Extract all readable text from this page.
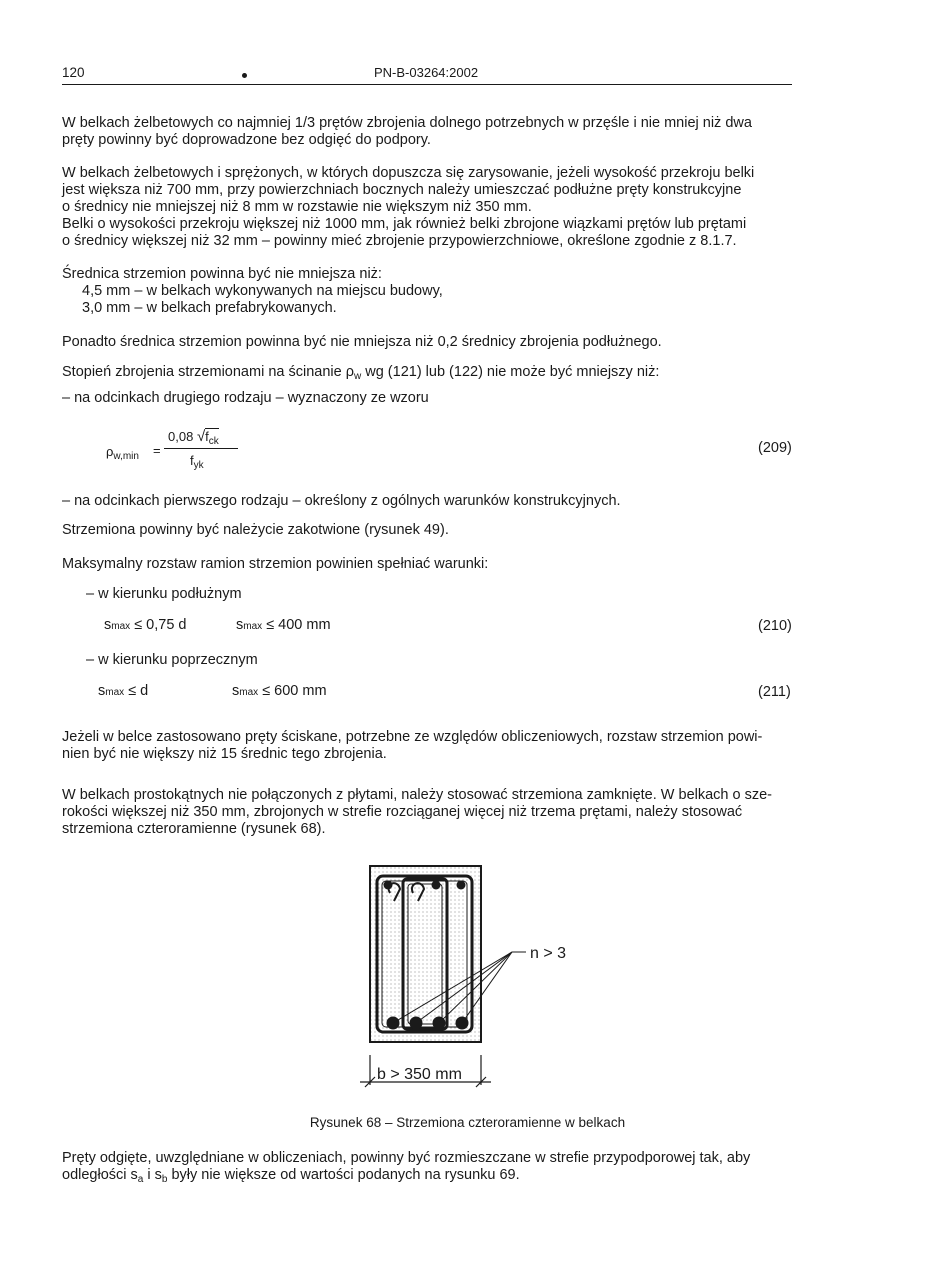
120	PN-B-03264:2002
W belkach żelbetowych co najmniej 1/3 prętów zbrojenia dolnego potrzebnych w przęśle i nie mniej niż dwa
pręty powinny być doprowadzone bez odgięć do podpory.
W belkach żelbetowych i sprężonych, w których dopuszcza się zarysowanie, jeżeli wysokość przekroju belki
jest większa niż 700 mm, przy powierzchniach bocznych należy umieszczać podłużne pręty konstrukcyjne
o średnicy nie mniejszej niż 8 mm w rozstawie nie większym niż 350 mm.
Belki o wysokości przekroju większej niż 1000 mm, jak również belki zbrojone wiązkami prętów lub prętami
o średnicy większej niż 32 mm – powinny mieć zbrojenie przypowierzchniowe, określone zgodnie z 8.1.7.
Średnica strzemion powinna być nie mniejsza niż:
4,5 mm – w belkach wykonywanych na miejscu budowy,
3,0 mm – w belkach prefabrykowanych.
Ponadto średnica strzemion powinna być nie mniejsza niż 0,2 średnicy zbrojenia podłużnego.
Stopień zbrojenia strzemionami na ścinanie $\rho_w$ wg (121) lub (122) nie może być mniejszy niż:
– na odcinkach drugiego rodzaju – wyznaczony ze wzoru
$\rho_{w,min}$ =
0,08 $√f_{ck}$
$f_{yk}$
(209)
– na odcinkach pierwszego rodzaju – określony z ogólnych warunków konstrukcyjnych.
Strzemiona powinny być należycie zakotwione (rysunek 49).
Maksymalny rozstaw ramion strzemion powinien spełniać warunki:
– w kierunku podłużnym
smax ≤ 0,75 d	smax ≤ 400 mm	(210)
– w kierunku poprzecznym
smax ≤ d	smax ≤ 600 mm	(211)
Jeżeli w belce zastosowano pręty ściskane, potrzebne ze względów obliczeniowych, rozstaw strzemion powi-
nien być nie większy niż 15 średnic tego zbrojenia.
W belkach prostokątnych nie połączonych z płytami, należy stosować strzemiona zamknięte. W belkach o sze-
rokości większej niż 350 mm, zbrojonych w strefie rozciąganej więcej niż trzema prętami, należy stosować
strzemiona czteroramienne (rysunek 68).
n > 3
b > 350 mm
Rysunek 68 – Strzemiona czteroramienne w belkach
Pręty odgięte, uwzględniane w obliczeniach, powinny być rozmieszczane w strefie przypodporowej tak, aby
odległości $s_a$ i $s_b$ były nie większe od wartości podanych na rysunku 69.
